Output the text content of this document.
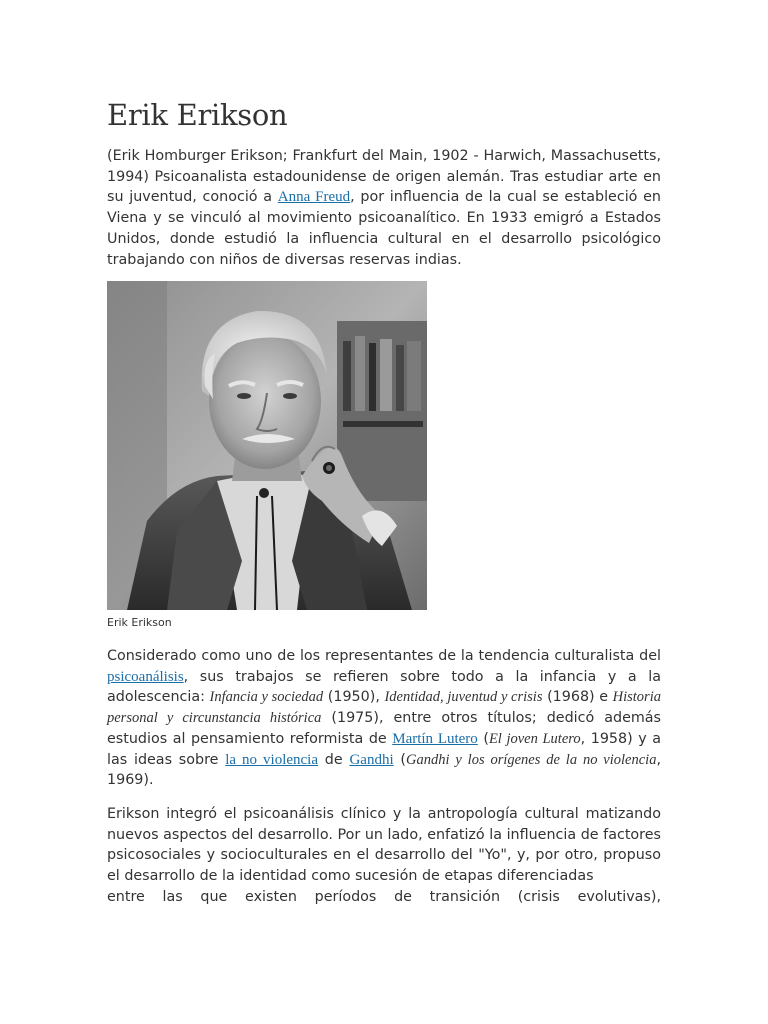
Erik Erikson

(Erik Homburger Erikson; Frankfurt del Main, 1902 - Harwich, Massachusetts, 1994) Psicoanalista estadounidense de origen alemán. Tras estudiar arte en su juventud, conoció a Anna Freud, por influencia de la cual se estableció en Viena y se vinculó al movimiento psicoanalítico. En 1933 emigró a Estados Unidos, donde estudió la influencia cultural en el desarrollo psicológico trabajando con niños de diversas reservas indias.

Erik Erikson

Considerado como uno de los representantes de la tendencia culturalista del psicoanálisis, sus trabajos se refieren sobre todo a la infancia y a la adolescencia: Infancia y sociedad (1950), Identidad, juventud y crisis (1968) e Historia personal y circunstancia histórica (1975), entre otros títulos; dedicó además estudios al pensamiento reformista de Martín Lutero (El joven Lutero, 1958) y a las ideas sobre la no violencia de Gandhi (Gandhi y los orígenes de la no violencia, 1969).

Erikson integró el psicoanálisis clínico y la antropología cultural matizando nuevos aspectos del desarrollo. Por un lado, enfatizó la influencia de factores psicosociales y socioculturales en el desarrollo del "Yo", y, por otro, propuso el desarrollo de la identidad como sucesión de etapas diferenciadas

entre las que existen períodos de transición (crisis evolutivas),
